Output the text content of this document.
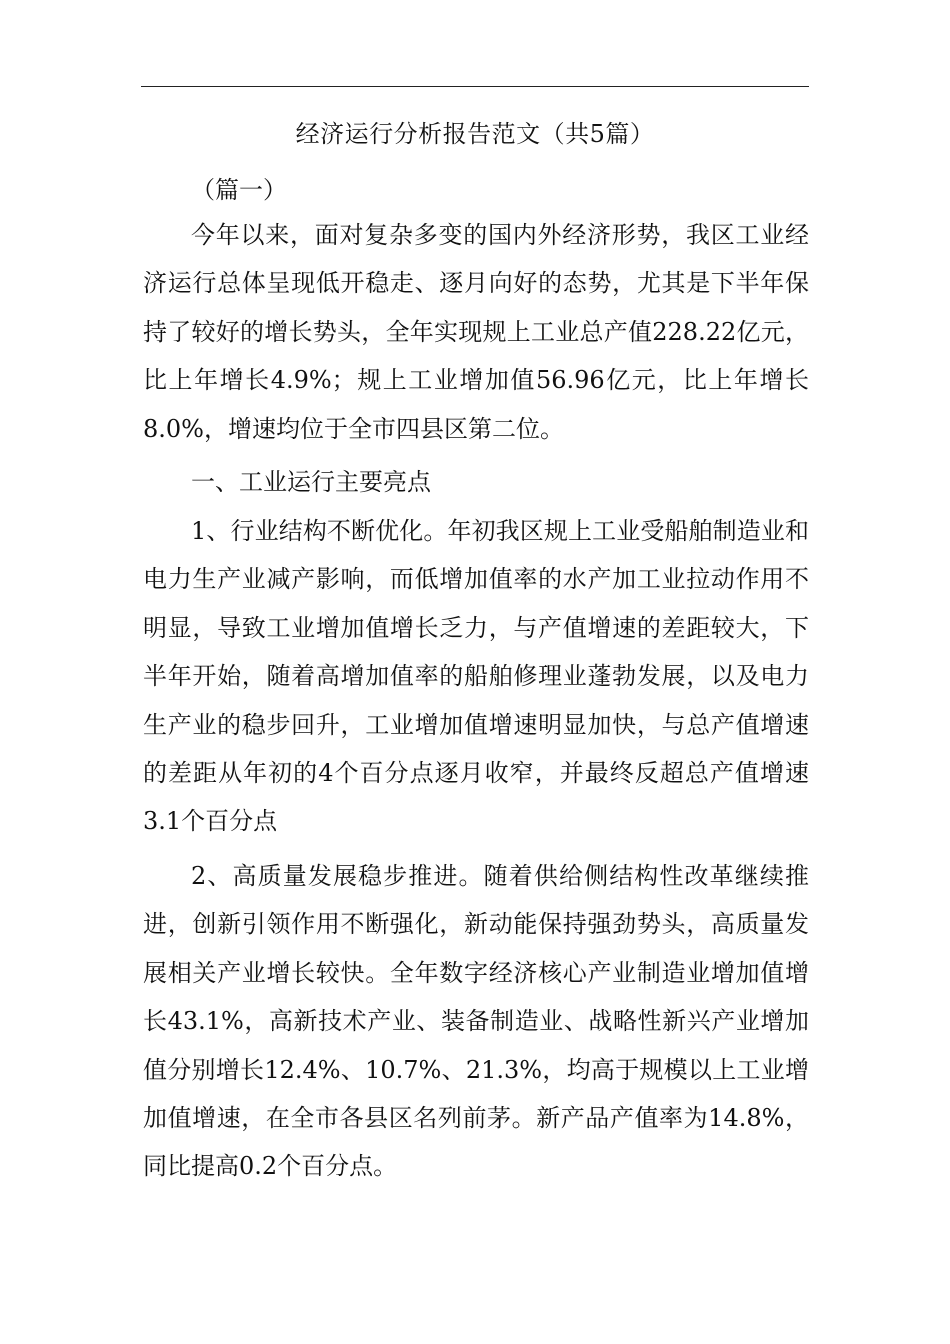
经济运行分析报告范文（共5篇）
（篇一）
今年以来，面对复杂多变的国内外经济形势，我区工业经济运行总体呈现低开稳走、逐月向好的态势，尤其是下半年保持了较好的增长势头，全年实现规上工业总产值228.22亿元，比上年增长4.9%；规上工业增加值56.96亿元，比上年增长8.0%，增速均位于全市四县区第二位。
一、工业运行主要亮点
1、行业结构不断优化。年初我区规上工业受船舶制造业和电力生产业减产影响，而低增加值率的水产加工业拉动作用不明显，导致工业增加值增长乏力，与产值增速的差距较大，下半年开始，随着高增加值率的船舶修理业蓬勃发展，以及电力生产业的稳步回升，工业增加值增速明显加快，与总产值增速的差距从年初的4个百分点逐月收窄，并最终反超总产值增速3.1个百分点
2、高质量发展稳步推进。随着供给侧结构性改革继续推进，创新引领作用不断强化，新动能保持强劲势头，高质量发展相关产业增长较快。全年数字经济核心产业制造业增加值增长43.1%，高新技术产业、装备制造业、战略性新兴产业增加值分别增长12.4%、10.7%、21.3%，均高于规模以上工业增加值增速，在全市各县区名列前茅。新产品产值率为14.8%，同比提高0.2个百分点。
